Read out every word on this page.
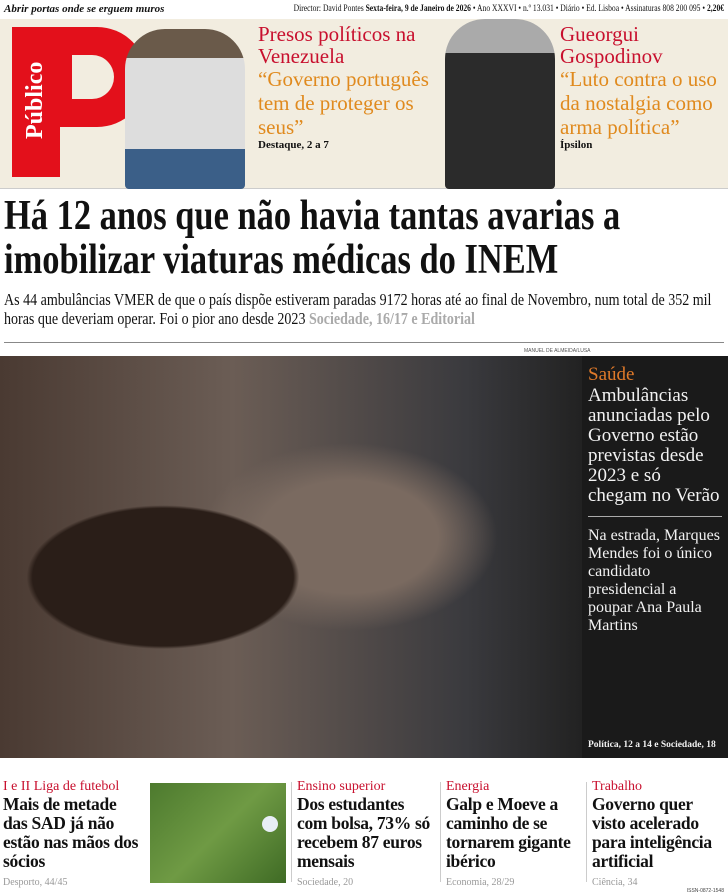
Abrir portas onde se erguem muros	Director: David Pontes Sexta-feira, 9 de Janeiro de 2026 • Ano XXXVI • n.º 13.031 • Diário • Ed. Lisboa • Assinaturas 808 200 095 • 2,20€
Público
Presos políticos na Venezuela
“Governo português tem de proteger os seus”
Destaque, 2 a 7
Gueorgui Gospodinov
“Luto contra o uso da nostalgia como arma política”
Ípsilon
Há 12 anos que não havia tantas avarias a imobilizar viaturas médicas do INEM

As 44 ambulâncias VMER de que o país dispõe estiveram paradas 9172 horas até ao final de Novembro, num total de 352 mil horas que deveriam operar. Foi o pior ano desde 2023 Sociedade, 16/17 e Editorial

MANUEL DE ALMEIDA/LUSA
Saúde
Ambulâncias anunciadas pelo Governo estão previstas desde 2023 e só chegam no Verão
Na estrada, Marques Mendes foi o único candidato presidencial a poupar Ana Paula Martins
Política, 12 a 14 e Sociedade, 18
I e II Liga de futebol
Mais de metade das SAD já não estão nas mãos dos sócios
Desporto, 44/45
Ensino superior
Dos estudantes com bolsa, 73% só recebem 87 euros mensais
Sociedade, 20
Energia
Galp e Moeve a caminho de se tornarem gigante ibérico
Economia, 28/29
Trabalho
Governo quer visto acelerado para inteligência artificial
Ciência, 34
ISSN-0872-1548
